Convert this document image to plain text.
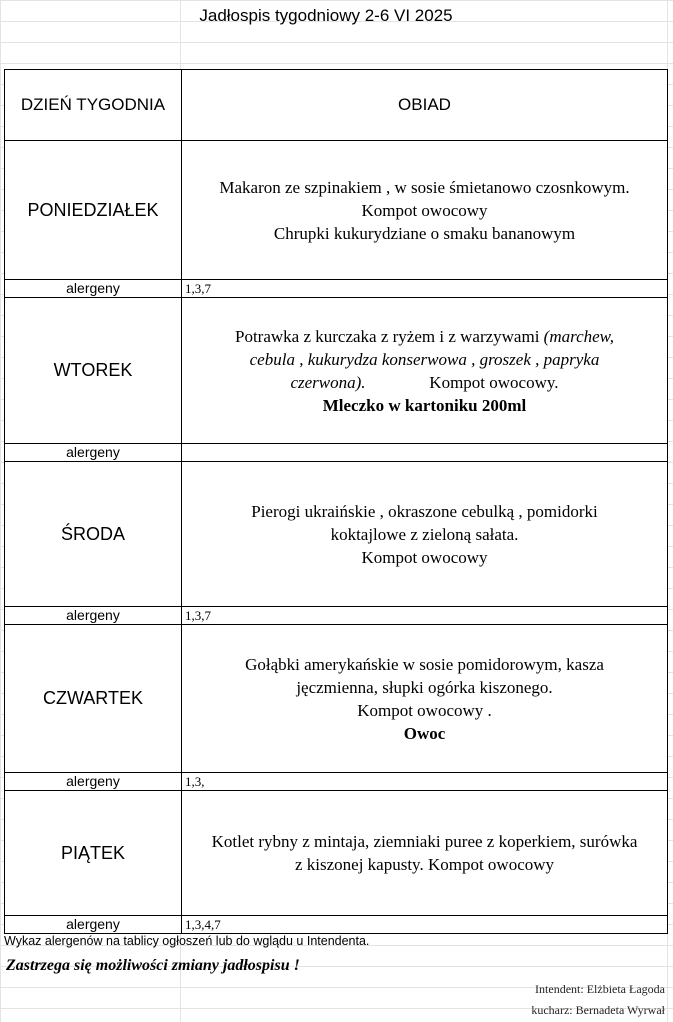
Jadłospis tygodniowy 2-6 VI 2025
DZIEŃ TYGODNIA	OBIAD
PONIEDZIAŁEK	Makaron ze szpinakiem , w sosie śmietanowo czosnkowym.

Kompot owocowy

Chrupki kukurydziane o smaku bananowym

alergeny	1,3,7
WTOREK	Potrawka z kurczaka z ryżem i z warzywami (marchew,

cebula , kukurydza konserwowa , groszek , papryka

czerwona). Kompot owocowy.

Mleczko w kartoniku 200ml

alergeny	
ŚRODA	Pierogi ukraińskie , okraszone cebulką , pomidorki

koktajlowe z zieloną sałata.

Kompot owocowy

alergeny	1,3,7
CZWARTEK	Gołąbki amerykańskie w sosie pomidorowym, kasza

jęczmienna, słupki ogórka kiszonego.

Kompot owocowy .

Owoc

alergeny	1,3,
PIĄTEK	Kotlet rybny z mintaja, ziemniaki puree z koperkiem, surówka

z kiszonej kapusty. Kompot owocowy

alergeny	1,3,4,7
Wykaz alergenów na tablicy ogłoszeń lub do wglądu u Intendenta.
Zastrzega się możliwości zmiany jadłospisu !
Intendent: Elżbieta Łagoda
kucharz: Bernadeta Wyrwał
